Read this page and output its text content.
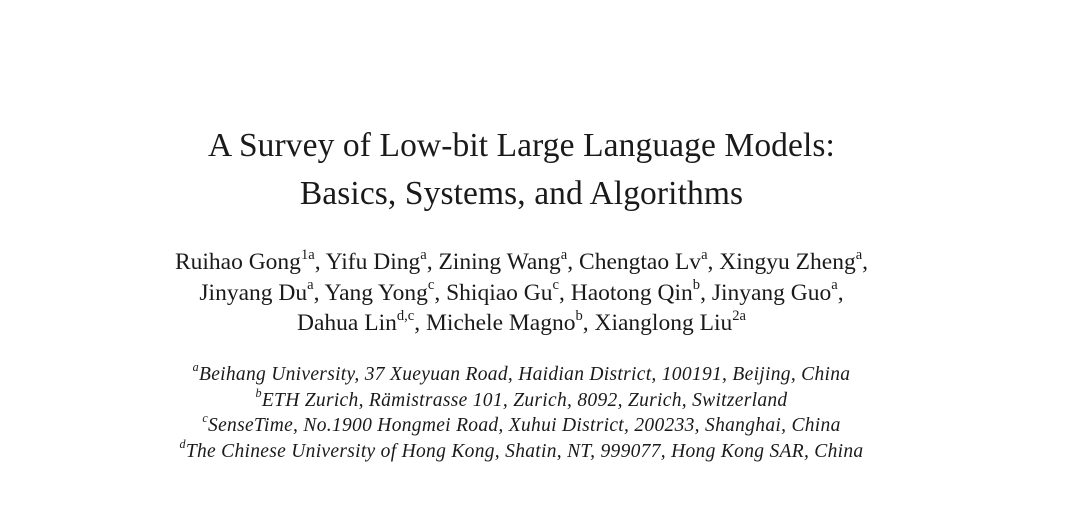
A Survey of Low-bit Large Language Models:
Basics, Systems, and Algorithms
Ruihao Gong$^{1a}$, Yifu Ding$^a$, Zining Wang$^a$, Chengtao Lv$^a$, Xingyu Zheng$^a$,
Jinyang Du$^a$, Yang Yong$^c$, Shiqiao Gu$^c$, Haotong Qin$^b$, Jinyang Guo$^a$,
Dahua Lin$^{d,c}$, Michele Magno$^b$, Xianglong Liu$^{2a}$
$^a$Beihang University, 37 Xueyuan Road, Haidian District, 100191, Beijing, China
$^b$ETH Zurich, Rämistrasse 101, Zurich, 8092, Zurich, Switzerland
$^c$SenseTime, No.1900 Hongmei Road, Xuhui District, 200233, Shanghai, China
$^d$The Chinese University of Hong Kong, Shatin, NT, 999077, Hong Kong SAR, China
